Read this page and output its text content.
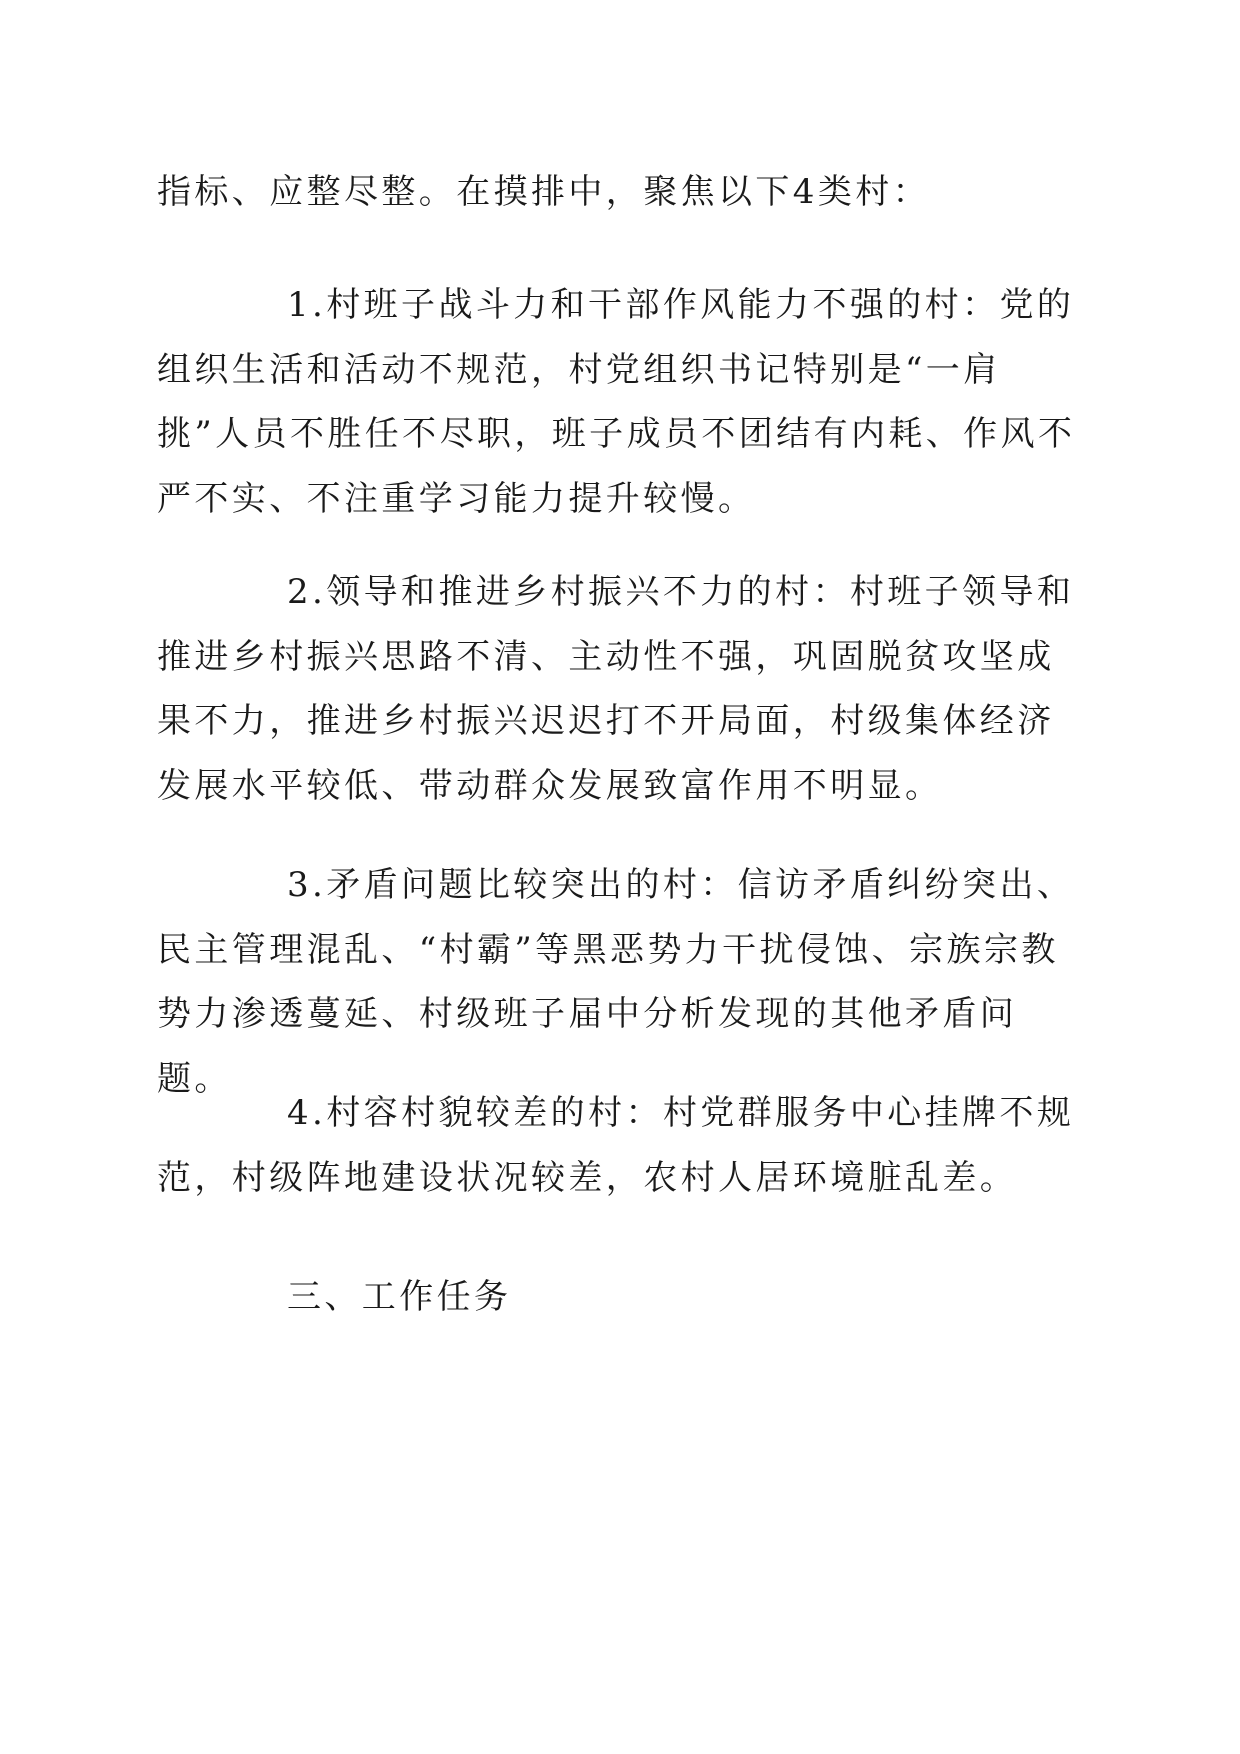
指标、应整尽整。在摸排中，聚焦以下4类村：

1.村班子战斗力和干部作风能力不强的村：党的组织生活和活动不规范，村党组织书记特别是“一肩挑”人员不胜任不尽职，班子成员不团结有内耗、作风不严不实、不注重学习能力提升较慢。

2.领导和推进乡村振兴不力的村：村班子领导和推进乡村振兴思路不清、主动性不强，巩固脱贫攻坚成果不力，推进乡村振兴迟迟打不开局面，村级集体经济发展水平较低、带动群众发展致富作用不明显。

3.矛盾问题比较突出的村：信访矛盾纠纷突出、民主管理混乱、“村霸”等黑恶势力干扰侵蚀、宗族宗教势力渗透蔓延、村级班子届中分析发现的其他矛盾问题。

4.村容村貌较差的村：村党群服务中心挂牌不规范，村级阵地建设状况较差，农村人居环境脏乱差。

三、工作任务
